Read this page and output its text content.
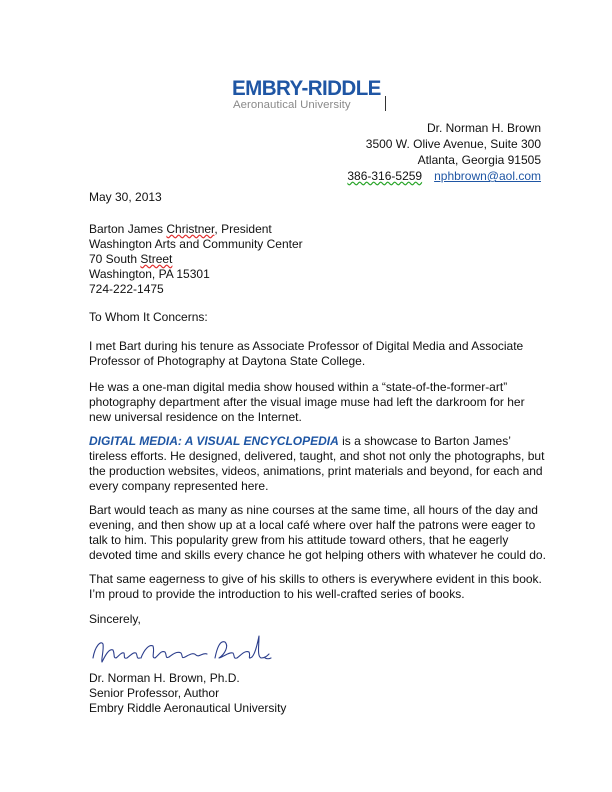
EMBRY-RIDDLE
Aeronautical University
Dr. Norman H. Brown
3500 W. Olive Avenue, Suite 300
Atlanta, Georgia 91505
386-316-5259 nphbrown@aol.com
May 30, 2013
Barton James Christner, President
Washington Arts and Community Center
70 South Street
Washington, PA 15301
724-222-1475
To Whom It Concerns:
I met Bart during his tenure as Associate Professor of Digital Media and Associate Professor of Photography at Daytona State College.
He was a one-man digital media show housed within a “state-of-the-former-art” photography department after the visual image muse had left the darkroom for her new universal residence on the Internet.
DIGITAL MEDIA: A VISUAL ENCYCLOPEDIA is a showcase to Barton James’ tireless efforts. He designed, delivered, taught, and shot not only the photographs, but the production websites, videos, animations, print materials and beyond, for each and every company represented here.
Bart would teach as many as nine courses at the same time, all hours of the day and evening, and then show up at a local café where over half the patrons were eager to talk to him. This popularity grew from his attitude toward others, that he eagerly devoted time and skills every chance he got helping others with whatever he could do.
That same eagerness to give of his skills to others is everywhere evident in this book. I’m proud to provide the introduction to his well-crafted series of books.
Sincerely,
Dr. Norman H. Brown, Ph.D.
Senior Professor, Author
Embry Riddle Aeronautical University
